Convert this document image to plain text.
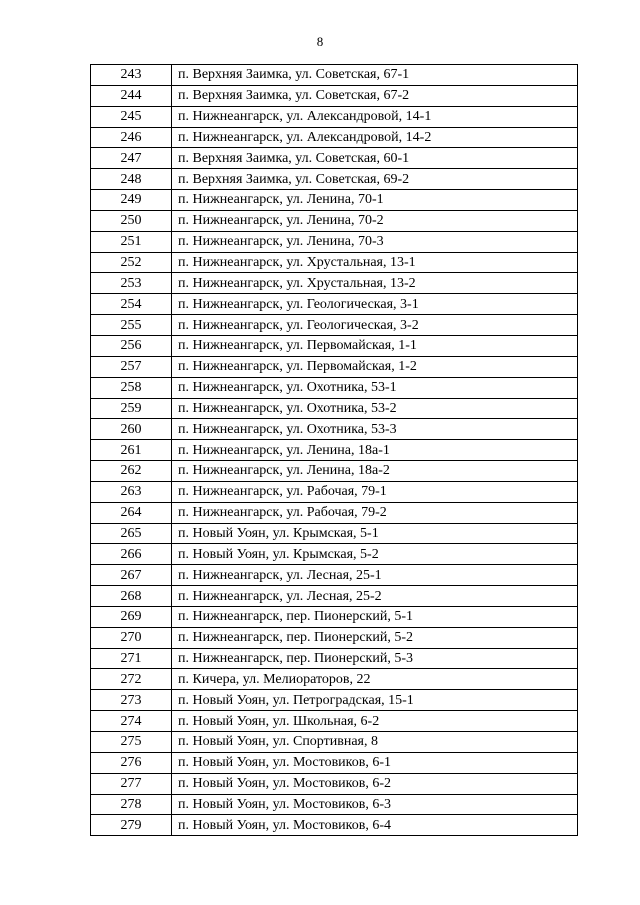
8
243	п. Верхняя Заимка, ул. Советская, 67-1
244	п. Верхняя Заимка, ул. Советская, 67-2
245	п. Нижнеангарск, ул. Александровой, 14-1
246	п. Нижнеангарск, ул. Александровой, 14-2
247	п. Верхняя Заимка, ул. Советская, 60-1
248	п. Верхняя Заимка, ул. Советская, 69-2
249	п. Нижнеангарск, ул. Ленина, 70-1
250	п. Нижнеангарск, ул. Ленина, 70-2
251	п. Нижнеангарск, ул. Ленина, 70-3
252	п. Нижнеангарск, ул. Хрустальная, 13-1
253	п. Нижнеангарск, ул. Хрустальная, 13-2
254	п. Нижнеангарск, ул. Геологическая, 3-1
255	п. Нижнеангарск, ул. Геологическая, 3-2
256	п. Нижнеангарск, ул. Первомайская, 1-1
257	п. Нижнеангарск, ул. Первомайская, 1-2
258	п. Нижнеангарск, ул. Охотника, 53-1
259	п. Нижнеангарск, ул. Охотника, 53-2
260	п. Нижнеангарск, ул. Охотника, 53-3
261	п. Нижнеангарск, ул. Ленина, 18а-1
262	п. Нижнеангарск, ул. Ленина, 18а-2
263	п. Нижнеангарск, ул. Рабочая, 79-1
264	п. Нижнеангарск, ул. Рабочая, 79-2
265	п. Новый Уоян, ул. Крымская, 5-1
266	п. Новый Уоян, ул. Крымская, 5-2
267	п. Нижнеангарск, ул. Лесная, 25-1
268	п. Нижнеангарск, ул. Лесная, 25-2
269	п. Нижнеангарск, пер. Пионерский, 5-1
270	п. Нижнеангарск, пер. Пионерский, 5-2
271	п. Нижнеангарск, пер. Пионерский, 5-3
272	п. Кичера, ул. Мелиораторов, 22
273	п. Новый Уоян, ул. Петроградская, 15-1
274	п. Новый Уоян, ул. Школьная, 6-2
275	п. Новый Уоян, ул. Спортивная, 8
276	п. Новый Уоян, ул. Мостовиков, 6-1
277	п. Новый Уоян, ул. Мостовиков, 6-2
278	п. Новый Уоян, ул. Мостовиков, 6-3
279	п. Новый Уоян, ул. Мостовиков, 6-4
